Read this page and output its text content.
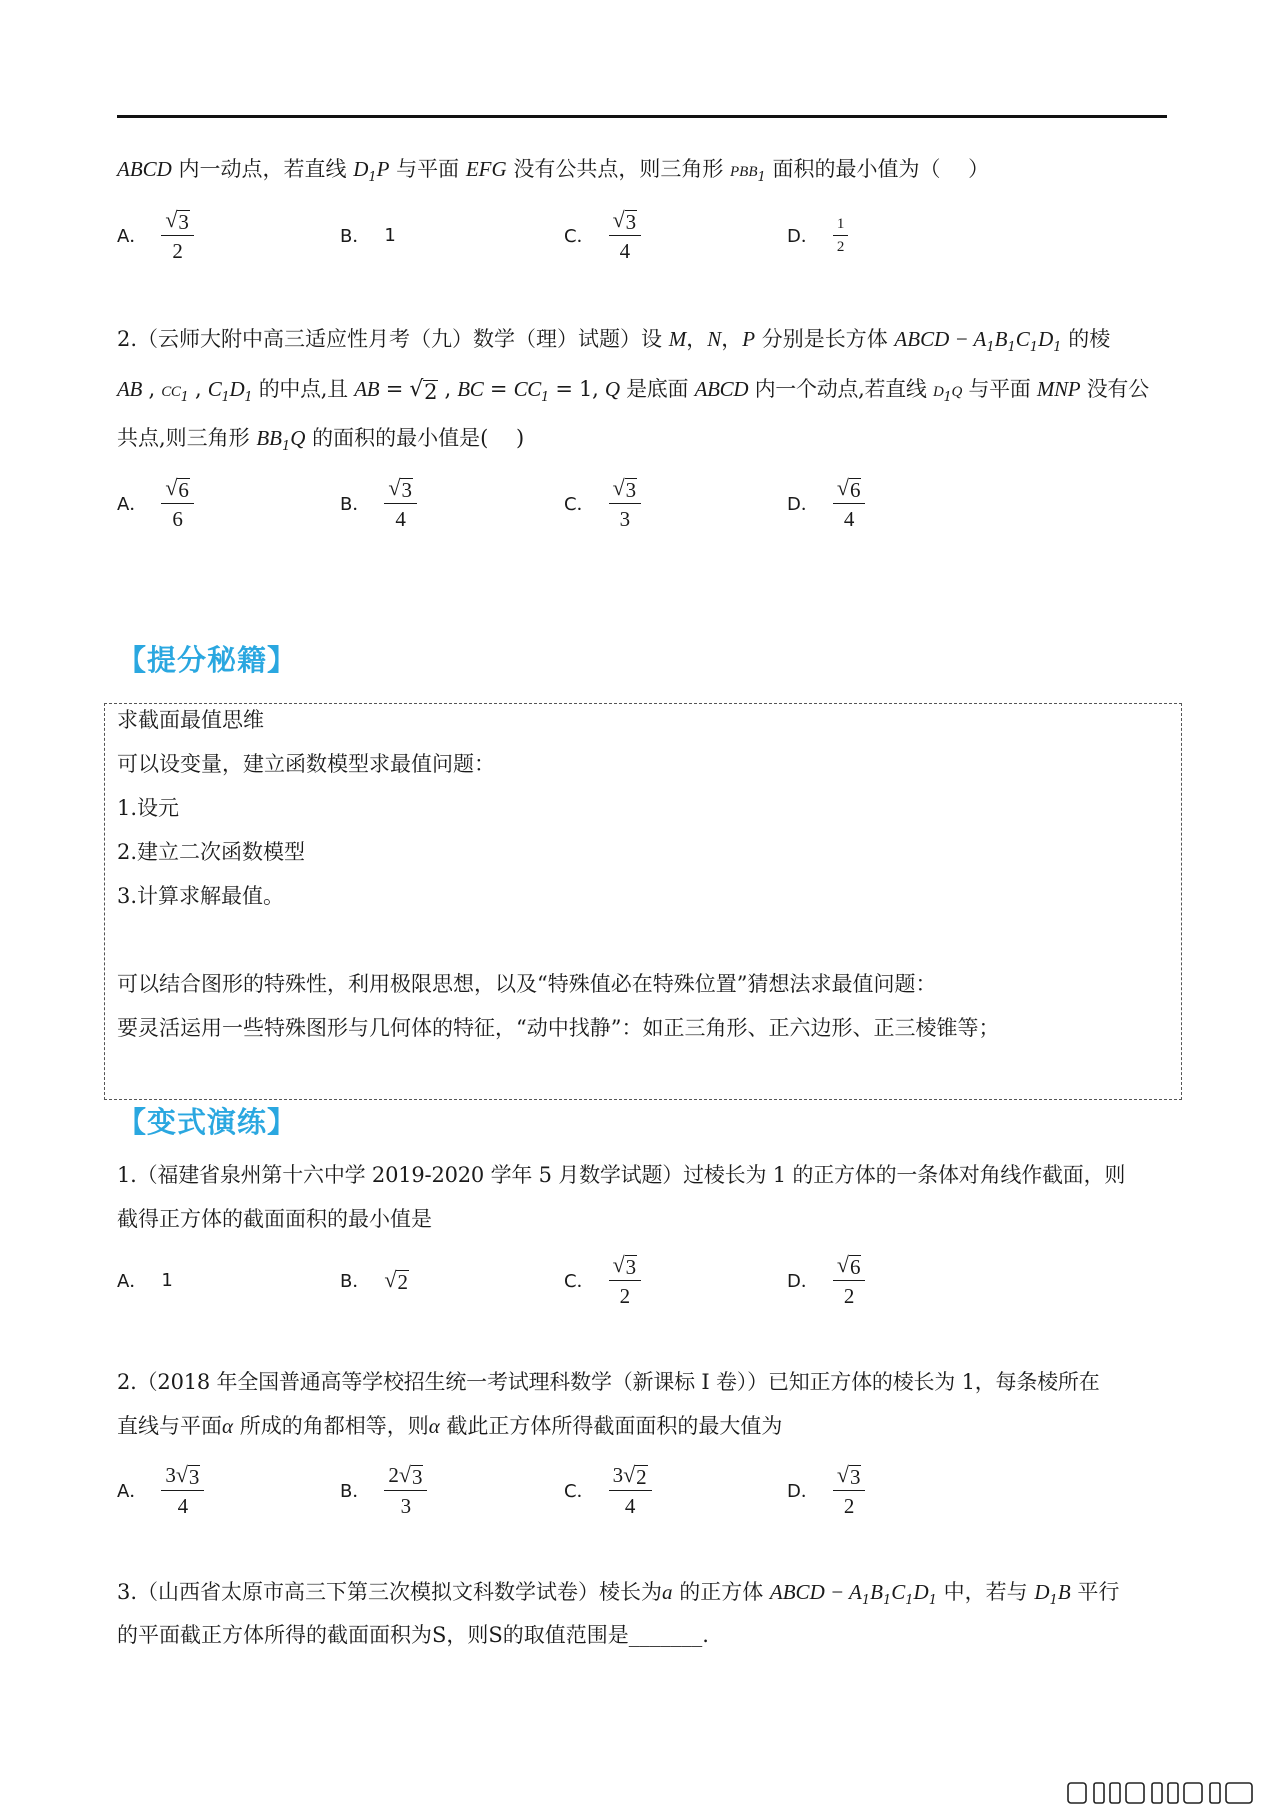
ABCD 内一动点，若直线 $D_1P$ 与平面 EFG 没有公共点，则三角形 $PBB_1$ 面积的最小值为（　 ）
A． $\frac{√ 3}{2}$	B． 1	C． $\frac{√ 3}{4}$	D． $\frac{1}{2}$
2.（云师大附中高三适应性月考（九）数学（理）试题）设 M，N，P 分别是长方体 ABCD − $A_1B_1C_1D_1$ 的棱
AB , $CC_1$ , $C_1D_1$ 的中点,且 AB = √ 2 , BC = $CC_1 = 1$, Q 是底面 ABCD 内一个动点,若直线 $D_1Q$ 与平面 MNP 没有公
共点,则三角形 $BB_1Q$ 的面积的最小值是(　 )
A． $\frac{√ 6}{6}$	B． $\frac{√ 3}{4}$	C． $\frac{√ 3}{3}$	D． $\frac{√ 6}{4}$
【提分秘籍】
求截面最值思维
可以设变量，建立函数模型求最值问题：
1.设元
2.建立二次函数模型
3.计算求解最值。
可以结合图形的特殊性，利用极限思想，以及“特殊值必在特殊位置”猜想法求最值问题：
要灵活运用一些特殊图形与几何体的特征，“动中找静”：如正三角形、正六边形、正三棱锥等；
【变式演练】
1.（福建省泉州第十六中学 2019-2020 学年 5 月数学试题）过棱长为 1 的正方体的一条体对角线作截面，则
截得正方体的截面面积的最小值是
A． 1	B． √ 2	C． $\frac{√ 3}{2}$	D． $\frac{√ 6}{2}$
2.（2018 年全国普通高等学校招生统一考试理科数学（新课标 I 卷））已知正方体的棱长为 1，每条棱所在
直线与平面α 所成的角都相等，则α 截此正方体所得截面面积的最大值为
A． $\frac{3 √ 3}{4}$	B． $\frac{2 √ 3}{3}$	C． $\frac{3 √ 2}{4}$	D． $\frac{√ 3}{2}$
3.（山西省太原市高三下第三次模拟文科数学试卷）棱长为a 的正方体 ABCD − $A_1B_1C_1D_1$ 中，若与 $D_1B$ 平行
的平面截正方体所得的截面面积为S，则S的取值范围是_______.
